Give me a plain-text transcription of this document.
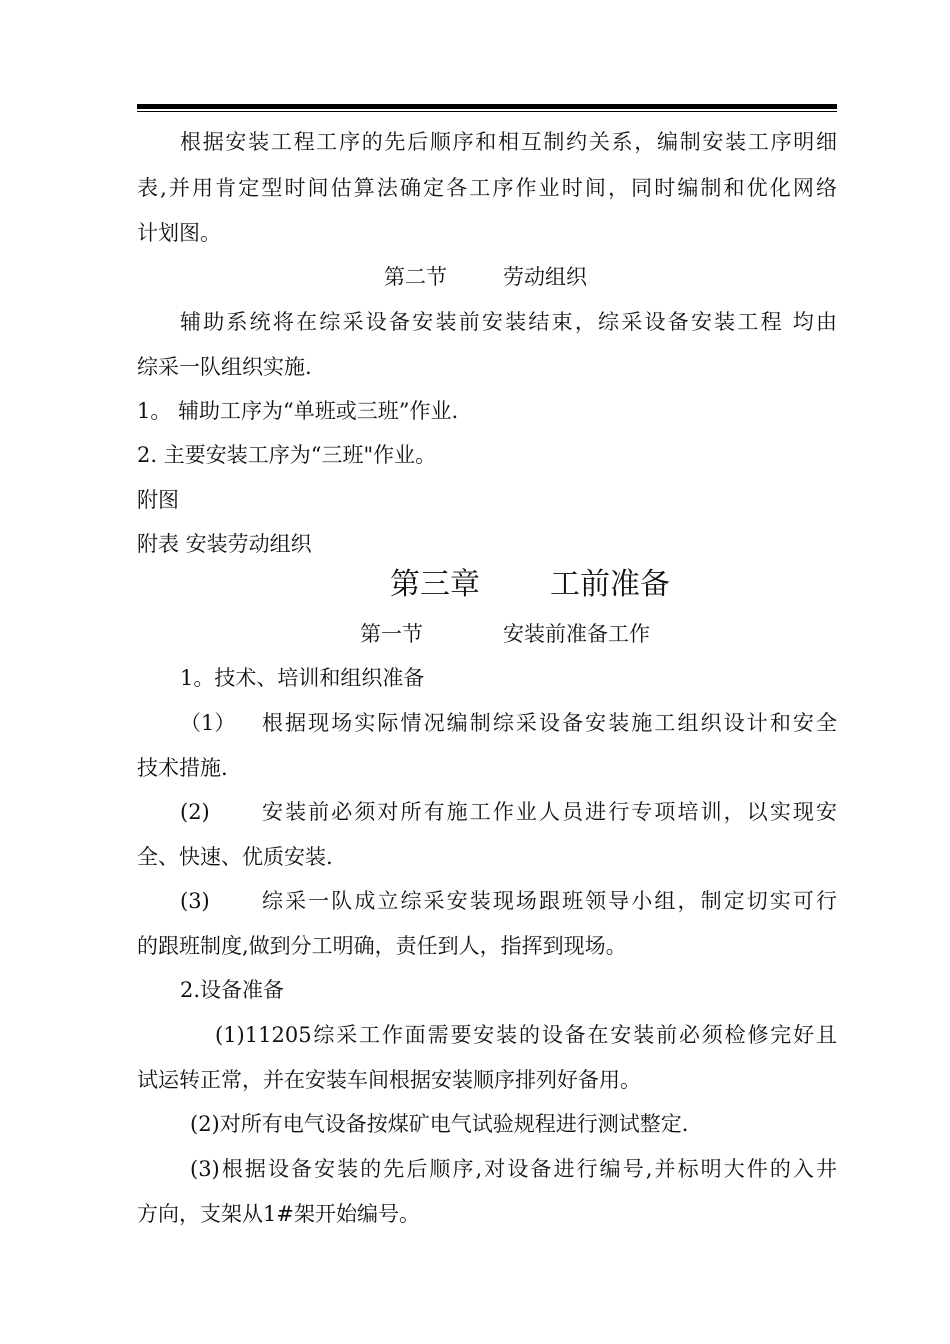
根据安装工程工序的先后顺序和相互制约关系，编制安装工序明细
表,并用肯定型时间估算法确定各工序作业时间，同时编制和优化网络
计划图。
第二节	劳动组织
辅助系统将在综采设备安装前安装结束，综采设备安装工程 均由
综采一队组织实施.
1。 辅助工序为“单班或三班”作业.
2. 主要安装工序为“三班"作业。
附图
附表 安装劳动组织
第三章 工前准备
第一节	安装前准备工作
1。技术、培训和组织准备
（1） 根据现场实际情况编制综采设备安装施工组织设计和安全
技术措施.
(2) 安装前必须对所有施工作业人员进行专项培训，以实现安
全、快速、优质安装.
(3) 综采一队成立综采安装现场跟班领导小组，制定切实可行
的跟班制度,做到分工明确，责任到人，指挥到现场。
2.设备准备
(1)11205综采工作面需要安装的设备在安装前必须检修完好且
试运转正常，并在安装车间根据安装顺序排列好备用。
(2)对所有电气设备按煤矿电气试验规程进行测试整定.
(3)根据设备安装的先后顺序,对设备进行编号,并标明大件的入井
方向，支架从1#架开始编号。
